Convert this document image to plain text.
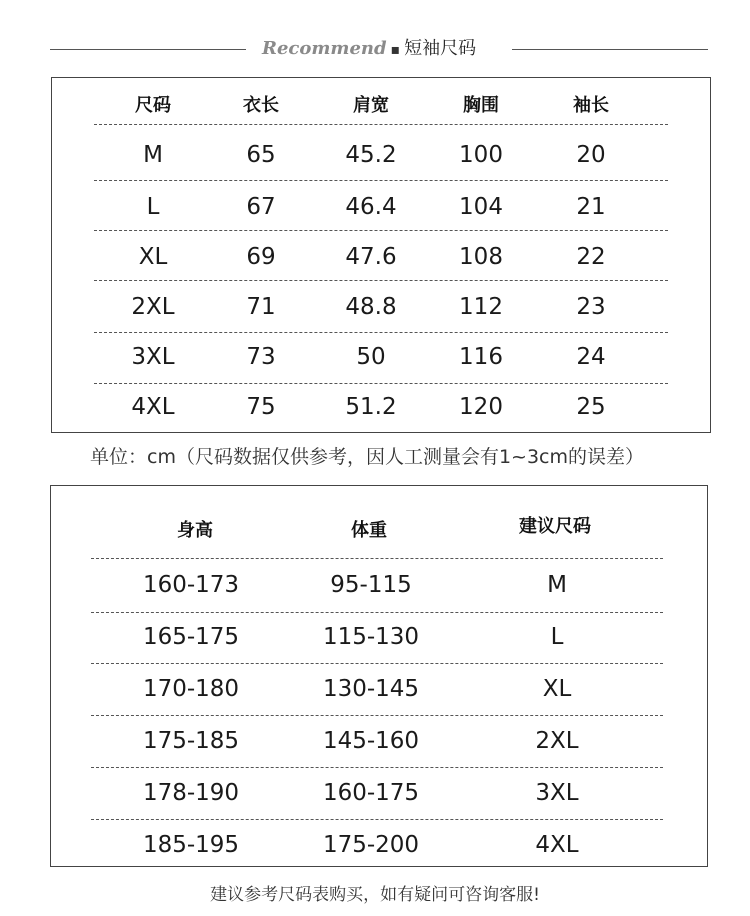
Recommend ▪ 短袖尺码
尺码	衣长	肩宽	胸围	袖长
M	65	45.2	100	20
L	67	46.4	104	21
XL	69	47.6	108	22
2XL	71	48.8	112	23
3XL	73	50	116	24
4XL	75	51.2	120	25
单位：cm（尺码数据仅供参考，因人工测量会有1~3cm的误差）
身高	体重	建议尺码
160-173	95-115	M
165-175	115-130	L
170-180	130-145	XL
175-185	145-160	2XL
178-190	160-175	3XL
185-195	175-200	4XL
建议参考尺码表购买，如有疑问可咨询客服!
